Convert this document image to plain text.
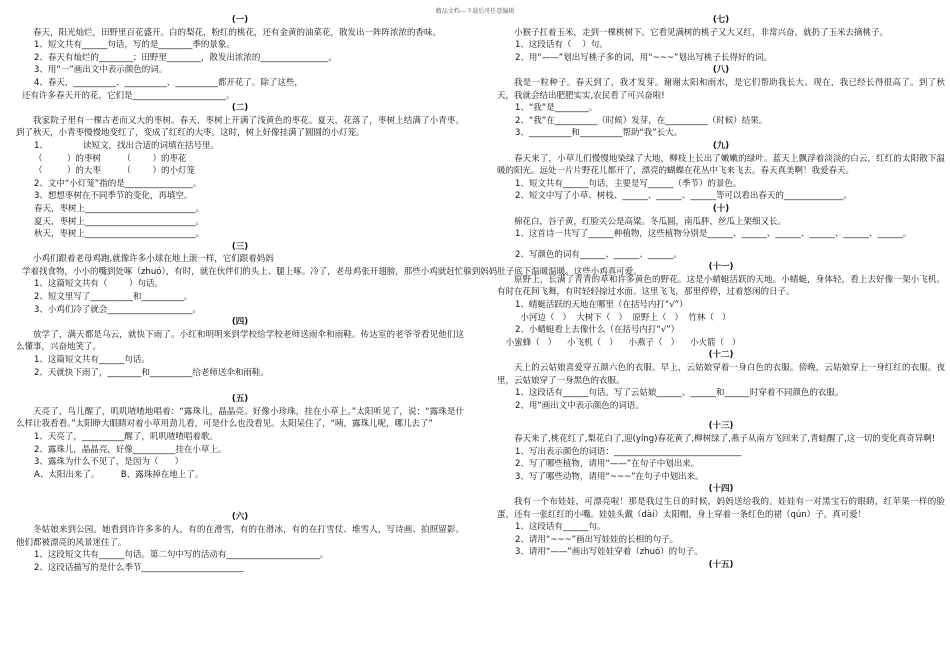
精品文档---下载后可任意编辑
(一)
春天，阳光灿烂，田野里百花盛开。白的梨花，粉红的桃花，还有金黄的油菜花，散发出一阵阵浓浓的香味。
1、短文共有______句话，写的是________季的景象。
2、春天有灿烂的________；田野里________，散发出浓浓的________________。
3、用“一”画出文中表示颜色的词。
4、春天，__________、__________、__________都开花了。除了这些，
还有许多春天开的花，它们是______________________。
(二)
我家院子里有一棵古老而又大的枣树。春天，枣树上开满了浅黄色的枣花。夏天，花落了，枣树上结满了小青枣。到了秋天，小青枣慢慢地变红了，变成了红红的大枣。这时，树上好像挂满了圆圆的小灯笼。
1、             读短文，找出合适的词填在括号里。
（         ）的枣树        （        ）的枣花
（         ）的大枣        （        ）的小灯笼
2、文中“小灯笼”指的是________________。
3、想想枣树在不同季节的变化，再填空。
春天，枣树上__________________________。
夏天，枣树上__________________________。
秋天，枣树上__________________________。
(三)
小鸡们跟着老母鸡跑,就像许多小球在地上滚一样，它们跟着妈妈
学着找食物，小小的嘴到处啄（zhuó），有时，就在伙伴们的头上、腿上啄。冷了，老母鸡张开翅膀，那些小鸡就赶忙躲到妈妈肚子底下温暖温暖。这些小鸡真可爱。
1、这篇短文共有（        ）句话。
2、短文里写了__________和__________。
3、小鸡们冷了就会____________________。
(四)
放学了，满天都是乌云，就快下雨了。小红和明明来到学校给学校老师送雨伞和雨鞋。传达室的老爷爷看见他们这么懂事，兴奋地笑了。
1、这篇短文共有______句话。
2、天就快下雨了，________和__________给老师送伞和雨鞋。
(五)
天亮了，鸟儿醒了，叽叽喳喳地唱着：“露珠儿，晶晶亮。好像小珍珠，挂在小草上。”太阳听见了，说：“露珠是什么样让我看看。”太阳睁大眼睛对着小草用劲儿看，可是什么也没看见。太阳呆住了，“咦，露珠儿呢，哪儿去了”
1、天亮了，__________醒了，叽叽喳喳唱着歌。
2、露珠儿，晶晶亮，好像__________挂在小草上。
3、露珠为什么不见了，是因为（      ）
A、太阳出来了。        B、露珠掉在地上了。
(六)
冬姑娘来到公园。她看到许许多多的人，有的在滑雪，有的在滑冰，有的在打雪仗、堆雪人，写诗画、拍照留影。他们都被漂亮的风景迷住了。
1、这段短文共有______句话。第二句中写的活动有______________________。
2、这段话描写的是什么季节________________________
(七)
小猴子扛着玉米，走到一棵桃树下。它看见满树的桃子又大又红，非常兴奋，就扔了玉米去摘桃子。
1、这段话有（    ）句。
2、用“——”划出写桃子多的词，用“~~~”划出写桃子长得好的词。
(八)
我是一粒种子。春天到了，我才发芽。谢谢太阳和雨水，是它们帮助我长大。现在，我已经长得很高了。到了秋天，我就会结出肥肥实实,农民看了可兴奋啦!
1、“我”是________。
2、“我”在__________（时候）发芽，在__________（时候）结果。
3、__________和__________帮助“我”长大。
(九)
春天来了，小草儿们慢慢地染绿了大地，柳枝上长出了嫩嫩的绿叶。蓝天上飘浮着淡淡的白云，红红的太阳散下温暖的阳光。远处一片片野花儿都开了，漂亮的蝴蝶在花丛中飞来飞去。春天真美啊！我爱春天。
1、短文共有______句话，主要是写______（季节）的景色。
2、短文中写了小草、树枝、______、______、______等可以看出春天的______________。
(十)
棉花白，谷子黄，红脸关公是高粱。冬瓜圆，南瓜胖，丝瓜上架细又长。
1、这首诗一共写了______种植物，这些植物分别是______、______、______、______、______、______。
2、写颜色的词有______、______、______。
(十一)
原野上，长满了青青的草和许多黄色的野花。这是小蜻蜓活跃的天地。小蜻蜓，身体轻，看上去好像一架小飞机。有时在花间飞舞，有时轻轻掠过水面。这里飞飞，那里停停，过着悠闲的日子。
1、蜻蜓活跃的天地在哪里（在括号内打“√”）
小河边（   ）  大树下（   ）  原野上（   ）  竹林（   ）
2、小蜻蜓看上去像什么（在括号内打“√”）
小蜜蜂（   ）    小飞机（   ）    小燕子（   ）    小火箭（   ）
(十二)
天上的云姑娘喜爱穿五颜六色的衣服。早上，云姑娘穿着一身白色的衣服。傍晚，云姑娘穿上一身红红的衣服。夜里，云姑娘穿了一身黑色的衣服。
1、这段话有______句话。写了云姑娘______、______和______时穿着不同颜色的衣服。
2、用“画出文中表示颜色的词语。
(十三)
春天来了,桃花红了,梨花白了,迎(yíng)春花黄了,柳树绿了,燕子从南方飞回来了,青蛙醒了,这一切的变化真奇异啊!
1、写出表示颜色的词语：______________________________
2、写了哪些植物，请用“——”在句子中划出来。
3、写了哪些动物，请用“~~~”在句子中划出来。
(十四)
我有一个布娃娃，可漂亮啦！那是我过生日的时候，妈妈送给我的。娃娃有一对黑宝石的眼睛，红苹果一样的脸蛋，还有一张红红的小嘴。娃娃头戴（dài）太阳帽，身上穿着一条红色的裙（qún）子。真可爱！
1、这段话有______句。
2、请用“~~~”画出写娃娃的长相的句子。
3、请用“——”画出写娃娃穿着（zhuó）的句子。
(十五)
